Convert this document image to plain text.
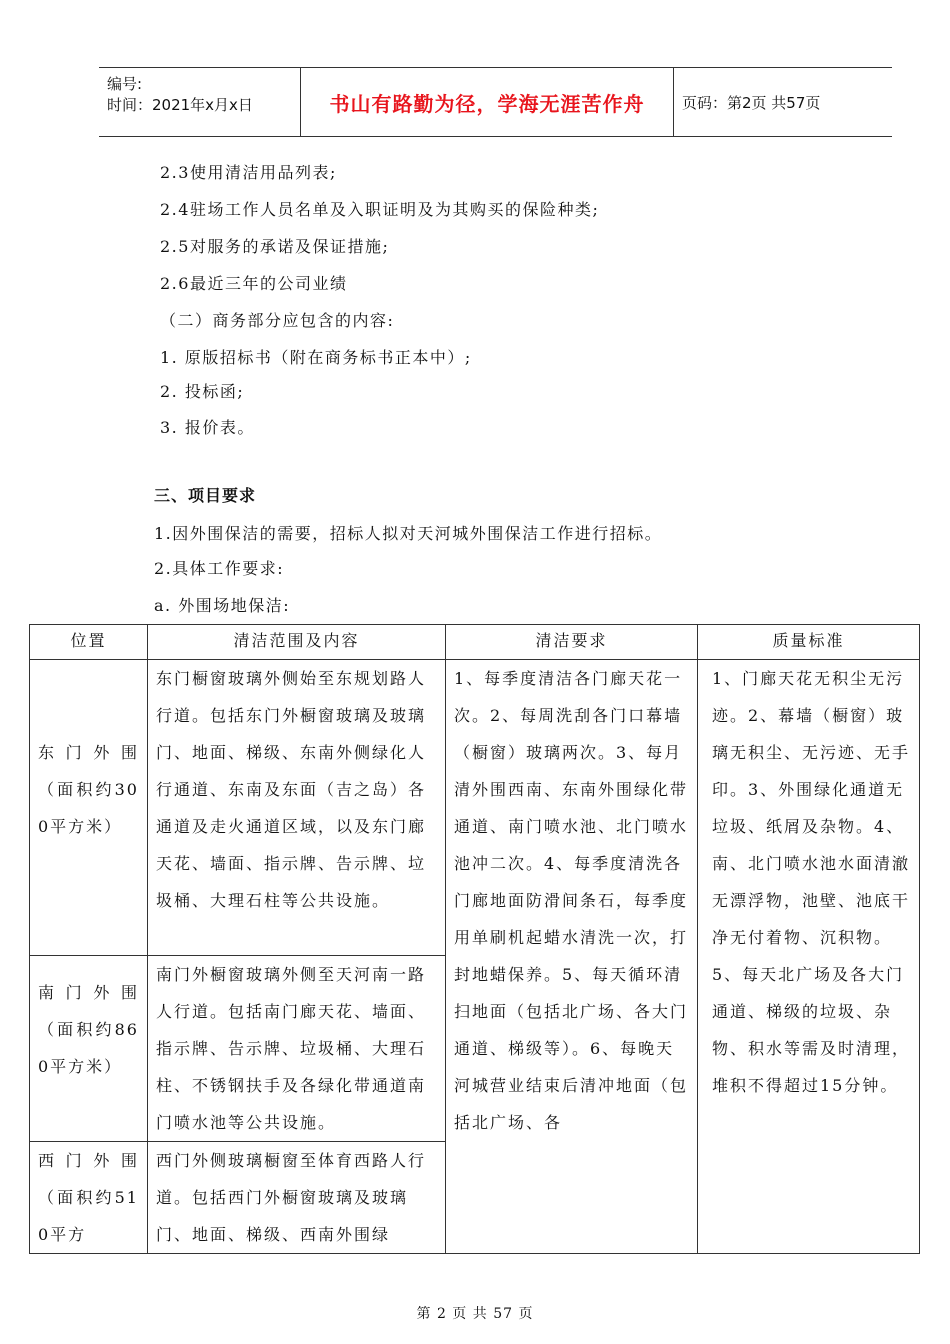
编号:
时间：2021年x月x日	书山有路勤为径，学海无涯苦作舟	页码：第2页 共57页
2.3使用清洁用品列表;
2.4驻场工作人员名单及入职证明及为其购买的保险种类;
2.5对服务的承诺及保证措施;
2.6最近三年的公司业绩
（二）商务部分应包含的内容:
1. 原版招标书（附在商务标书正本中）;
2. 投标函;
3. 报价表。
三、项目要求
1.因外围保洁的需要，招标人拟对天河城外围保洁工作进行招标。
2.具体工作要求:
a. 外围场地保洁:
位置	清洁范围及内容	清洁要求	质量标准
东门外围（面积约300平方米）	东门橱窗玻璃外侧始至东规划路人行道。包括东门外橱窗玻璃及玻璃门、地面、梯级、东南外侧绿化人行通道、东南及东面（吉之岛）各通道及走火通道区域，以及东门廊天花、墙面、指示牌、告示牌、垃圾桶、大理石柱等公共设施。	1、每季度清洁各门廊天花一次。2、每周洗刮各门口幕墙（橱窗）玻璃两次。3、每月清外围西南、东南外围绿化带通道、南门喷水池、北门喷水池冲二次。4、每季度清洗各门廊地面防滑间条石，每季度用单刷机起蜡水清洗一次，打封地蜡保养。5、每天循环清扫地面（包括北广场、各大门通道、梯级等）。6、每晚天河城营业结束后清冲地面（包括北广场、各	1、门廊天花无积尘无污迹。2、幕墙（橱窗）玻璃无积尘、无污迹、无手印。3、外围绿化通道无垃圾、纸屑及杂物。4、南、北门喷水池水面清澈无漂浮物，池壁、池底干净无付着物、沉积物。5、每天北广场及各大门通道、梯级的垃圾、杂物、积水等需及时清理，堆积不得超过15分钟。
南门外围（面积约860平方米）	南门外橱窗玻璃外侧至天河南一路人行道。包括南门廊天花、墙面、指示牌、告示牌、垃圾桶、大理石柱、不锈钢扶手及各绿化带通道南门喷水池等公共设施。		
西门外围（面积约510平方	西门外侧玻璃橱窗至体育西路人行道。包括西门外橱窗玻璃及玻璃门、地面、梯级、西南外围绿		
第 2 页 共 57 页
